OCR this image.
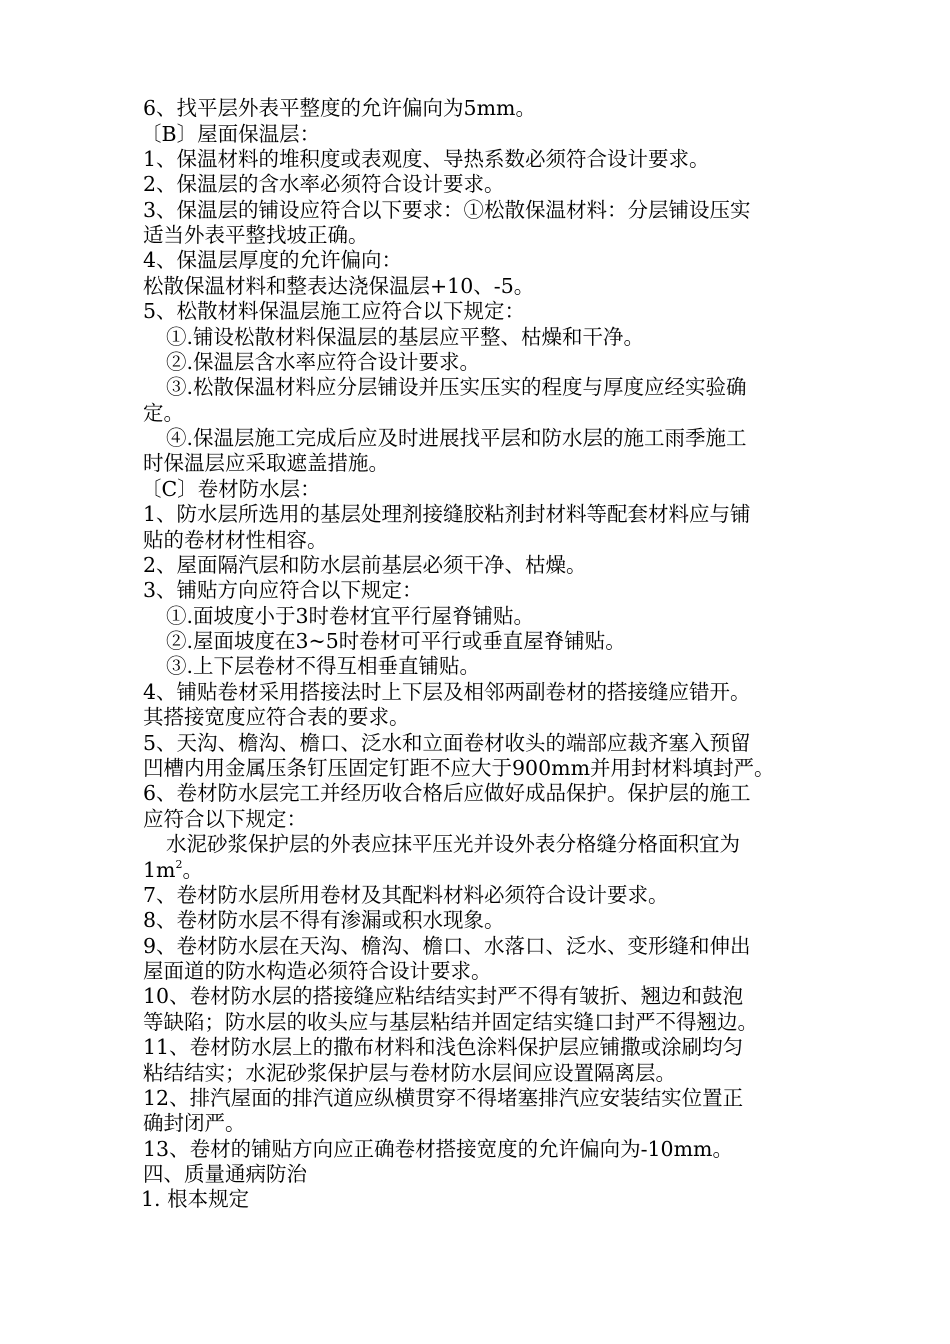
6、找平层外表平整度的允许偏向为5mm。
〔B〕屋面保温层：
1、保温材料的堆积度或表观度、导热系数必须符合设计要求。
2、保温层的含水率必须符合设计要求。
3、保温层的铺设应符合以下要求：①松散保温材料：分层铺设压实
适当外表平整找坡正确。
4、保温层厚度的允许偏向：
松散保温材料和整表达浇保温层+10、-5。
5、松散材料保温层施工应符合以下规定：
①.铺设松散材料保温层的基层应平整、枯燥和干净。
②.保温层含水率应符合设计要求。
③.松散保温材料应分层铺设并压实压实的程度与厚度应经实验确
定。
④.保温层施工完成后应及时进展找平层和防水层的施工雨季施工
时保温层应采取遮盖措施。
〔C〕卷材防水层：
1、防水层所选用的基层处理剂接缝胶粘剂封材料等配套材料应与铺
贴的卷材材性相容。
2、屋面隔汽层和防水层前基层必须干净、枯燥。
3、铺贴方向应符合以下规定：
①.面坡度小于3时卷材宜平行屋脊铺贴。
②.屋面坡度在3~5时卷材可平行或垂直屋脊铺贴。
③.上下层卷材不得互相垂直铺贴。
4、铺贴卷材采用搭接法时上下层及相邻两副卷材的搭接缝应错开。
其搭接宽度应符合表的要求。
5、天沟、檐沟、檐口、泛水和立面卷材收头的端部应裁齐塞入预留
凹槽内用金属压条钉压固定钉距不应大于900mm并用封材料填封严。
6、卷材防水层完工并经历收合格后应做好成品保护。保护层的施工
应符合以下规定：
水泥砂浆保护层的外表应抹平压光并设外表分格缝分格面积宜为
$1m^2$。
7、卷材防水层所用卷材及其配料材料必须符合设计要求。
8、卷材防水层不得有渗漏或积水现象。
9、卷材防水层在天沟、檐沟、檐口、水落口、泛水、变形缝和伸出
屋面道的防水构造必须符合设计要求。
10、卷材防水层的搭接缝应粘结结实封严不得有皱折、翘边和鼓泡
等缺陷；防水层的收头应与基层粘结并固定结实缝口封严不得翘边。
11、卷材防水层上的撒布材料和浅色涂料保护层应铺撒或涂刷均匀
粘结结实；水泥砂浆保护层与卷材防水层间应设置隔离层。
12、排汽屋面的排汽道应纵横贯穿不得堵塞排汽应安装结实位置正
确封闭严。
13、卷材的铺贴方向应正确卷材搭接宽度的允许偏向为-10mm。
四、质量通病防治
1. 根本规定
